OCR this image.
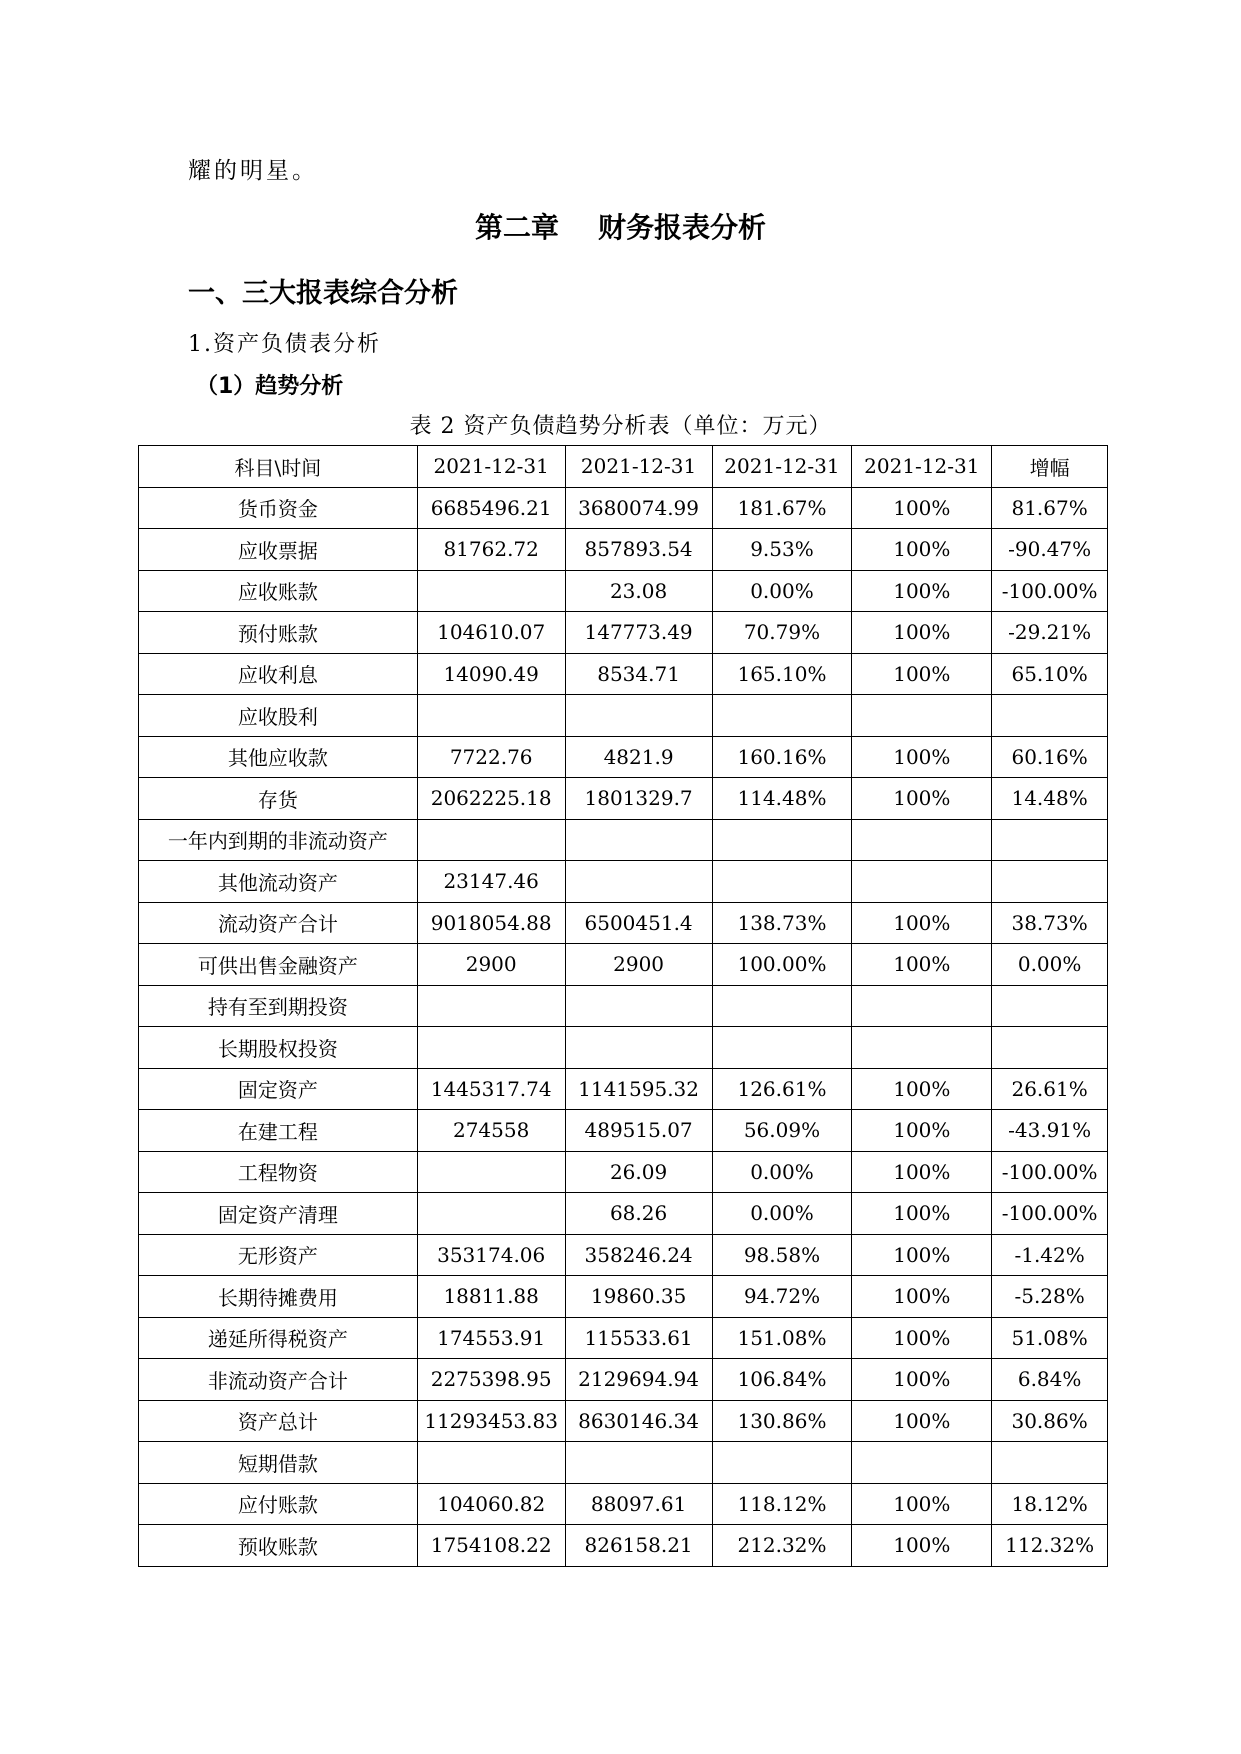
耀的明星。
第二章    财务报表分析
一、三大报表综合分析
1.资产负债表分析
（1）趋势分析
表 2 资产负债趋势分析表（单位：万元）
科目\时间	2021-12-31	2021-12-31	2021-12-31	2021-12-31	增幅
货币资金	6685496.21	3680074.99	181.67%	100%	81.67%
应收票据	81762.72	857893.54	9.53%	100%	-90.47%
应收账款		23.08	0.00%	100%	-100.00%
预付账款	104610.07	147773.49	70.79%	100%	-29.21%
应收利息	14090.49	8534.71	165.10%	100%	65.10%
应收股利					
其他应收款	7722.76	4821.9	160.16%	100%	60.16%
存货	2062225.18	1801329.7	114.48%	100%	14.48%
一年内到期的非流动资产					
其他流动资产	23147.46				
流动资产合计	9018054.88	6500451.4	138.73%	100%	38.73%
可供出售金融资产	2900	2900	100.00%	100%	0.00%
持有至到期投资					
长期股权投资					
固定资产	1445317.74	1141595.32	126.61%	100%	26.61%
在建工程	274558	489515.07	56.09%	100%	-43.91%
工程物资		26.09	0.00%	100%	-100.00%
固定资产清理		68.26	0.00%	100%	-100.00%
无形资产	353174.06	358246.24	98.58%	100%	-1.42%
长期待摊费用	18811.88	19860.35	94.72%	100%	-5.28%
递延所得税资产	174553.91	115533.61	151.08%	100%	51.08%
非流动资产合计	2275398.95	2129694.94	106.84%	100%	6.84%
资产总计	11293453.83	8630146.34	130.86%	100%	30.86%
短期借款					
应付账款	104060.82	88097.61	118.12%	100%	18.12%
预收账款	1754108.22	826158.21	212.32%	100%	112.32%
